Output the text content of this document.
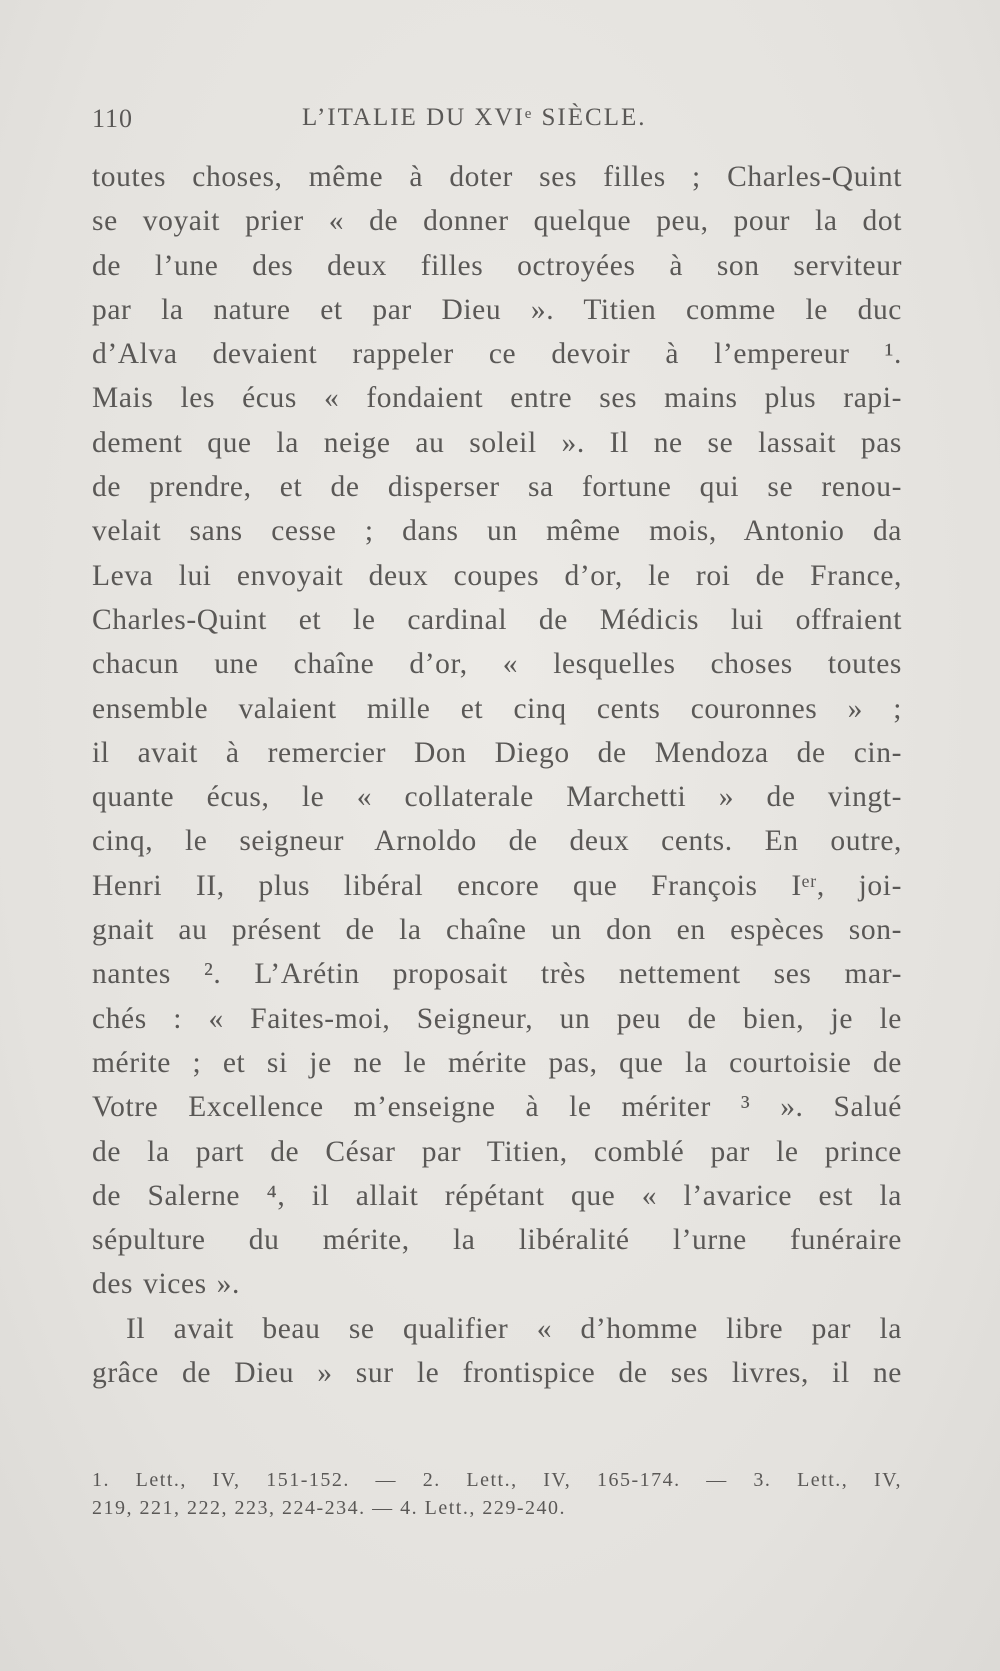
110	L’ITALIE DU XVIᵉ SIÈCLE.
toutes choses, même à doter ses filles ; Charles-Quint
se voyait prier « de donner quelque peu, pour la dot
de l’une des deux filles octroyées à son serviteur
par la nature et par Dieu ». Titien comme le duc
d’Alva devaient rappeler ce devoir à l’empereur ¹.
Mais les écus « fondaient entre ses mains plus rapi-
dement que la neige au soleil ». Il ne se lassait pas
de prendre, et de disperser sa fortune qui se renou-
velait sans cesse ; dans un même mois, Antonio da
Leva lui envoyait deux coupes d’or, le roi de France,
Charles-Quint et le cardinal de Médicis lui offraient
chacun une chaîne d’or, « lesquelles choses toutes
ensemble valaient mille et cinq cents couronnes » ;
il avait à remercier Don Diego de Mendoza de cin-
quante écus, le « collaterale Marchetti » de vingt-
cinq, le seigneur Arnoldo de deux cents. En outre,
Henri II, plus libéral encore que François Iᵉʳ, joi-
gnait au présent de la chaîne un don en espèces son-
nantes ². L’Arétin proposait très nettement ses mar-
chés : « Faites-moi, Seigneur, un peu de bien, je le
mérite ; et si je ne le mérite pas, que la courtoisie de
Votre Excellence m’enseigne à le mériter ³ ». Salué
de la part de César par Titien, comblé par le prince
de Salerne ⁴, il allait répétant que « l’avarice est la
sépulture du mérite, la libéralité l’urne funéraire
des vices ».
Il avait beau se qualifier « d’homme libre par la
grâce de Dieu » sur le frontispice de ses livres, il ne
1. Lett., IV, 151-152. — 2. Lett., IV, 165-174. — 3. Lett., IV,
219, 221, 222, 223, 224-234. — 4. Lett., 229-240.
